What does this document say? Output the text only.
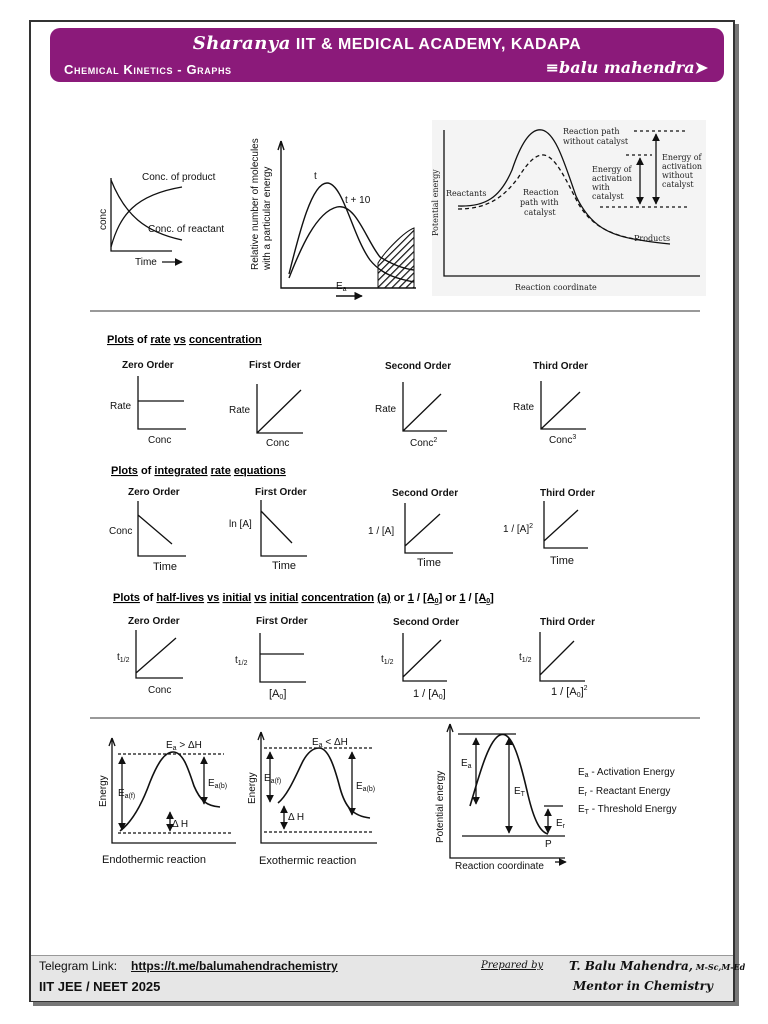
Sharanya IIT & MEDICAL ACADEMY, KADAPA
Chemical Kinetics - Graphs	≡balu mahendra➤
conc
Time
Conc. of product
Conc. of reactant	Relative number of molecules with a particular energy	t
t + 10
$E_a$
Potential energy
Reaction coordinate
Reactants
Products
Reaction path
without catalyst
Reaction
path with
catalyst
Energy of
activation
with
catalyst
Energy of
activation
without
catalyst
Plots of rate vs concentration
Zero Order
Rate
Conc
First Order
Rate
Conc
Second Order
Rate
Conc$^2$
Third Order
Rate
Conc$^3$
Plots of integrated rate equations
Zero Order
Conc
Time
First Order
ln [A]
Time
Second Order
1 / [A]
Time
Third Order
$1 / [A]^2$
Time
Plots of half-lives vs initial vs initial concentration (a) or 1 / [A0] or 1 / [A0]
Zero Order
$t_{1/2}$
Conc
First Order
$t_{1/2}$
[A0]
Second Order
$t_{1/2}$
1 / [A0]
Third Order
$t_{1/2}$
$1 / [A0]^2$
Energy
$E_a > \Delta H$
$E_{a(f)}$
$E_{a(b)}$
Δ H
Endothermic reaction
Energy
$E_a < \Delta H$
$E_{a(f)}$	$E_{a(b)}$
Δ H
Exothermic reaction
Potential energy
Reaction coordinate
$E_a$
$E_T$
$E_r$
P
$E_a$ - Activation Energy
$E_r$ - Reactant Energy
$E_T$ - Threshold Energy
Telegram Link: https://t.me/balumahendrachemistry
IIT JEE / NEET 2025
Prepared by T. Balu Mahendra, M-Sc,M-Ed
Mentor in Chemistry
